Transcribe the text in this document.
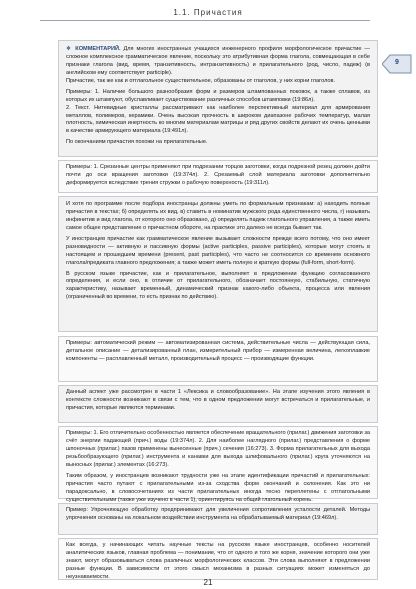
1.1. Причастия
9

❖ КОММЕНТАРИЙ. Для многих иностранных учащихся инженерного профиля морфологическое причастие — сложное комплексное грамматическое явление, поскольку это атрибутивная форма глагола, совмещающая в себе признаки глагола (вид, время, транзитивность, интранзитивность) и прилагательного (род, число, падеж) (в английском ему соответствует participle).

Причастие, так же как и отглагольное существительное, образованы от глаголов, у них корни глаголов.

Примеры: 1. Наличие большого разнообразия форм и размеров штампованных поковок, а также сплавов, из которых их штампуют, обуславливает существование различных способов штамповки (19:86л).

2. Текст. Нитевидные кристаллы рассматривают как наиболее перспективный материал для армирования металлов, полимеров, керамики. Очень высокая прочность в широком диапазоне рабочих температур, малая плотность, химическая инертность ко многим материалам матрицы и ряд других свойств делают их очень ценными в качестве армирующего материала (19:491л).

По окончаниям причастия похожи на прилагательные.

Примеры: 1. Срезанные центры применяют при подрезании торцов заготовки, когда подрезной резец должен дойти почти до оси вращения заготовки (19:374л). 2. Срезаемый слой материала заготовки дополнительно деформируется вследствие трения стружки о рабочую поверхность (19:311л).

И хотя по программе после подбора иностранцы должны уметь по формальным признакам: а) находить полные причастия в текстах; б) определять их вид, в) ставить в номинатив мужского рода единственного числа, г) называть инфинитив и вид глагола, от которого оно образовано, д) определять падеж глагольного управления, а также иметь самое общее представление о причастном обороте, на практике это далеко не всегда бывает так.

У иностранцев причастие как грамматическое явление вызывает сложности прежде всего потому, что оно имеет разновидности — активную и пассивную формы (active participles, passive participles), которые могут стоять в настоящем и прошедшем времени (present, past participles), что часто не соотносится со временем основного глагола/предиката главного предложения; а также может иметь полную и краткую формы (full-form, short-form).

В русском языке причастие, как и прилагательное, выполняет в предложении функцию согласованного определения, и если оно, в отличие от прилагательного, обозначает постоянную, стабильную, статичную характеристику, называет временный, динамический признак какого-либо объекта, процесса или явления (ограниченный во времени, то есть признак по действию).

Примеры: автоматический режим — автоматизированная система, действительные числа — действующая сила, детальное описание — детализированный план, измерительный прибор — измеренная величина, легкоплавкие компоненты — расплавленный металл, производительный процесс — производящие функции.

Данный аспект уже рассмотрен в части 1 «Лексика и словообразование». На этапе изучения этого явления в контексте сложности возникают в связи с тем, что в одном предложении могут встречаться и прилагательные, и причастия, которые являются терминами.

Примеры: 1. Его отличительно особенностью является обеспечение вращательного (прилаг.) движения заготовки за счёт энергии падающей (прич.) воды (19:374л). 2. Для наиболее наглядного (прилаг.) представления о форме шпоночных (прилаг.) пазов применены вынесенные (прич.) сечения (16:273). 3. Форма прилагательных для выхода резьбообразующего (прилаг.) инструмента и канавки для выхода шлифовального (прилаг.) круга уточняются на выносных (прилаг.) элементах (16:273).

Таким образом, у иностранцев возникают трудности уже на этапе идентификации причастий и прилагательных: причастия часто путают с прилагательными из-за сходства форм окончаний и склонения. Как это ни парадоксально, в словосочетаниях из части прилагательных иногда тесно переплетены с отглагольными существительными (также уже изучено в части 1), ориентируясь на общий глагольный корень.

Пример: Упрочняющую обработку предпринимают для увеличения сопротивления усталости деталей. Методы упрочнения основаны на локальном воздействии инструмента на обрабатываемый материал (19:469л).

Как всегда, у начинающих читать научные тексты на русском языке иностранцев, особенно носителей аналитических языков, главная проблема — понимание, что от одного и того же корня, значение которого они уже знают, могут образовываться слова различных морфологических классов. Эти слова выполняют в предложении разные функции. В зависимости от этого смысл механизма в разных ситуациях может изменяться до неузнаваемости.

21
